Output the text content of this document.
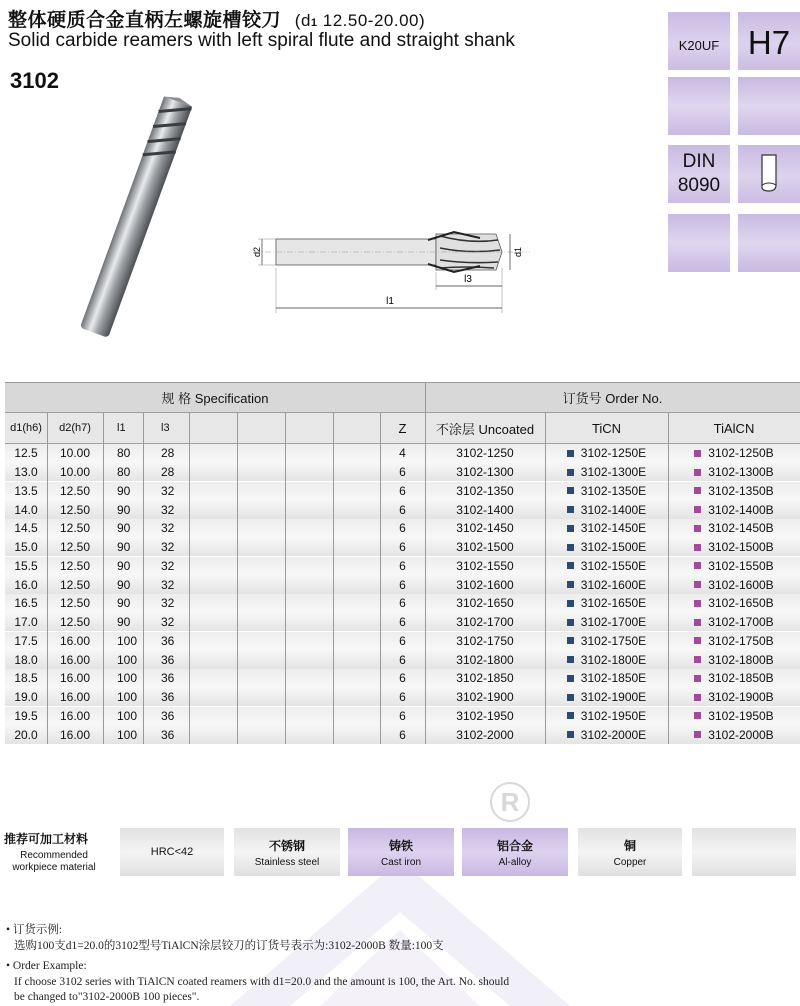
整体硬质合金直柄左螺旋槽铰刀 (d1 12.50-20.00)
Solid carbide reamers with left spiral flute and straight shank
3102
K20UF H7
DIN
8090
d2	d1
l3
l1
规 格 Specification	订货号 Order No.
d1(h6)	d2(h7)	l1	l3	Z	不涂层 Uncoated	TiCN	TiAlCN
12.5 10.00 80	28	4	3102-1250	3102-1250E	3102-1250B
13.0 10.00 80	28	6	3102-1300	3102-1300E	3102-1300B
13.5 12.50 90	32	6	3102-1350	3102-1350E	3102-1350B
14.0 12.50 90	32	6	3102-1400	3102-1400E	3102-1400B
14.5 12.50 90	32	6	3102-1450	3102-1450E	3102-1450B
15.0 12.50 90	32	6	3102-1500	3102-1500E	3102-1500B
15.5 12.50 90	32	6	3102-1550	3102-1550E	3102-1550B
16.0 12.50 90	32	6	3102-1600	3102-1600E	3102-1600B
16.5 12.50 90	32	6	3102-1650	3102-1650E	3102-1650B
17.0 12.50 90	32	6	3102-1700	3102-1700E	3102-1700B
17.5 16.00 100 36	6	3102-1750	3102-1750E	3102-1750B
18.0 16.00 100 36	6	3102-1800	3102-1800E	3102-1800B
18.5 16.00 100 36	6	3102-1850	3102-1850E	3102-1850B
19.0 16.00 100 36	6	3102-1900	3102-1900E	3102-1900B
19.5 16.00 100 36	6	3102-1950	3102-1950E	3102-1950B
20.0 16.00 100 36	6	3102-2000	3102-2000E	3102-2000B
R
推荐可加工材料
Recommended workpiece material
HRC<42	不锈钢
Stainless steel
铸铁
Cast iron
铝合金
Al-alloy
铜
Copper
• 订货示例:
选购100支d1=20.0的3102型号TiAlCN涂层铰刀的订货号表示为:3102-2000B 数量:100支
• Order Example:
If choose 3102 series with TiAlCN coated reamers with d1=20.0 and the amount is 100, the Art. No. should
be changed to"3102-2000B 100 pieces".
